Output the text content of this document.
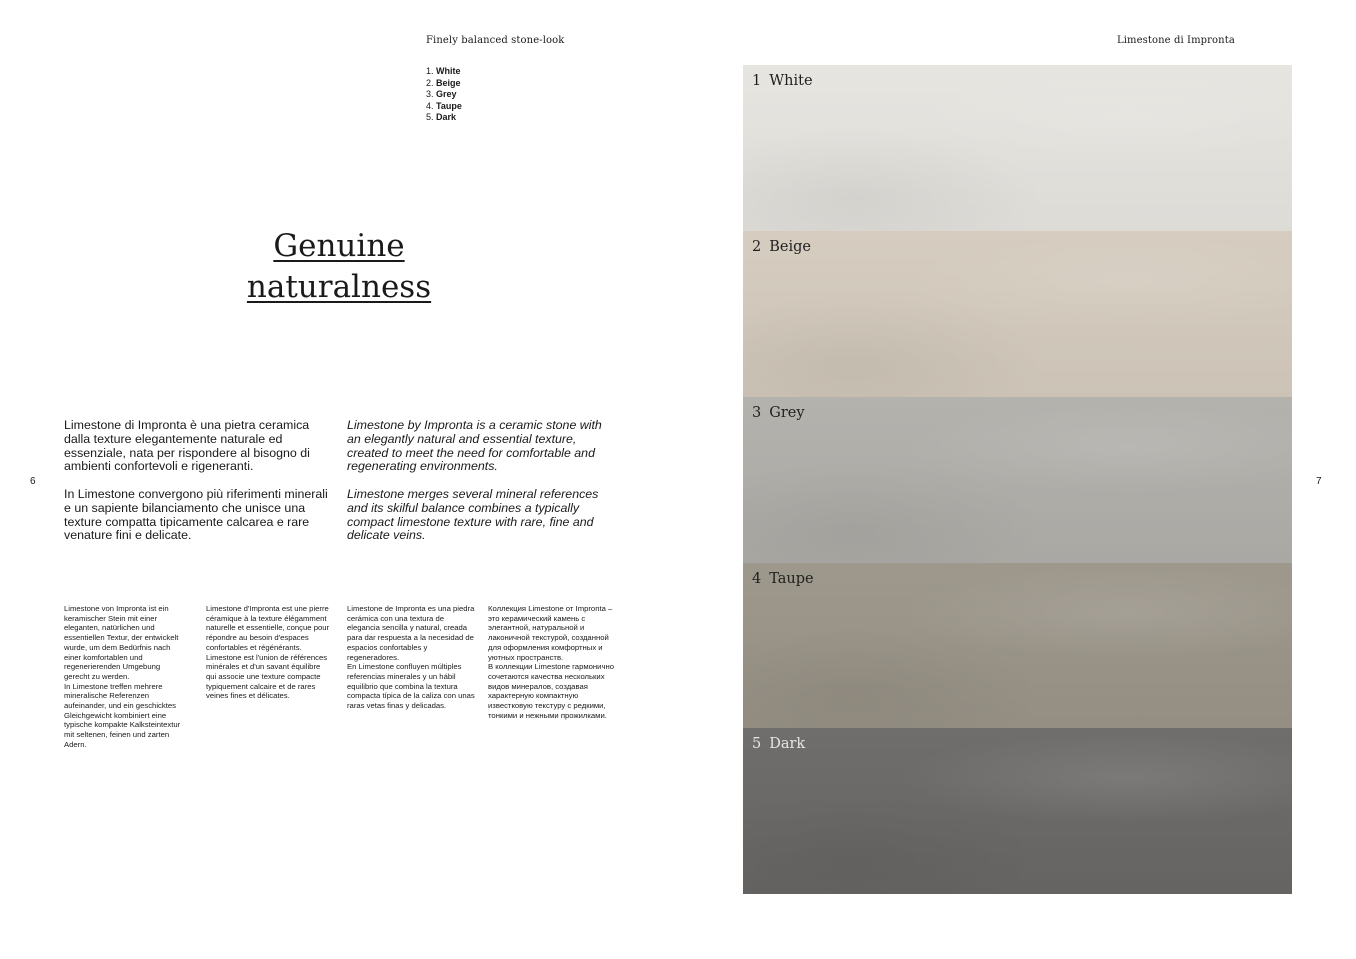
Finely balanced stone-look	Limestone di Impronta
1. White
2. Beige
3. Grey
4. Taupe
5. Dark
Genuine
naturalness

Limestone di Impronta è una pietra ceramica dalla texture elegantemente naturale ed essenziale, nata per rispondere al bisogno di ambienti confortevoli e rigeneranti.

In Limestone convergono più riferimenti minerali e un sapiente bilanciamento che unisce una texture compatta tipicamente calcarea e rare venature fini e delicate.

Limestone by Impronta is a ceramic stone with an elegantly natural and essential texture, created to meet the need for comfortable and regenerating environments.

Limestone merges several mineral references and its skilful balance combines a typically compact limestone texture with rare, fine and delicate veins.

Limestone von Impronta ist ein keramischer Stein mit einer eleganten, natürlichen und essentiellen Textur, der entwickelt wurde, um dem Bedürfnis nach einer komfortablen und regenerierenden Umgebung gerecht zu werden.

In Limestone treffen mehrere mineralische Referenzen aufeinander, und ein geschicktes Gleichgewicht kombiniert eine typische kompakte Kalksteintextur mit seltenen, feinen und zarten Adern.

Limestone d'Impronta est une pierre céramique à la texture élégamment naturelle et essentielle, conçue pour répondre au besoin d'espaces confortables et régénérants.

Limestone est l'union de références minérales et d'un savant équilibre qui associe une texture compacte typiquement calcaire et de rares veines fines et délicates.

Limestone de Impronta es una piedra cerámica con una textura de elegancia sencilla y natural, creada para dar respuesta a la necesidad de espacios confortables y regeneradores.

En Limestone confluyen múltiples referencias minerales y un hábil equilibrio que combina la textura compacta típica de la caliza con unas raras vetas finas y delicadas.

Коллекция Limestone от Impronta – это керамический камень с элегантной, натуральной и лаконичной текстурой, созданной для оформления комфортных и уютных пространств.

В коллекции Limestone гармонично сочетаются качества нескольких видов минералов, создавая характерную компактную известковую текстуру с редкими, тонкими и нежными прожилками.

6	7
1 White
2 Beige
3 Grey
4 Taupe
5 Dark
